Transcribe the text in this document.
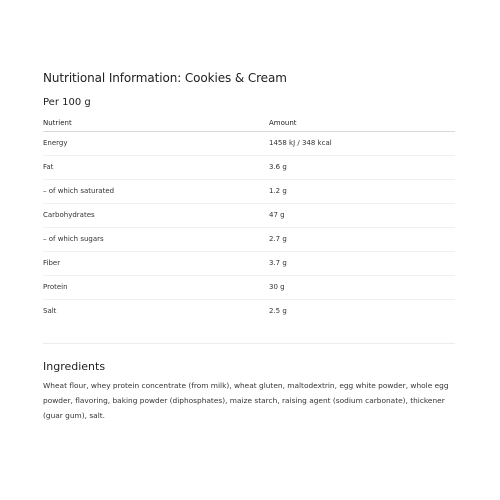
Nutritional Information: Cookies & Cream
Per 100 g
Nutrient	Amount
Energy	1458 kJ / 348 kcal
Fat	3.6 g
– of which saturated	1.2 g
Carbohydrates	47 g
– of which sugars	2.7 g
Fiber	3.7 g
Protein	30 g
Salt	2.5 g
Ingredients

Wheat flour, whey protein concentrate (from milk), wheat gluten, maltodextrin, egg white powder, whole egg powder, flavoring, baking powder (diphosphates), maize starch, raising agent (sodium carbonate), thickener (guar gum), salt.
